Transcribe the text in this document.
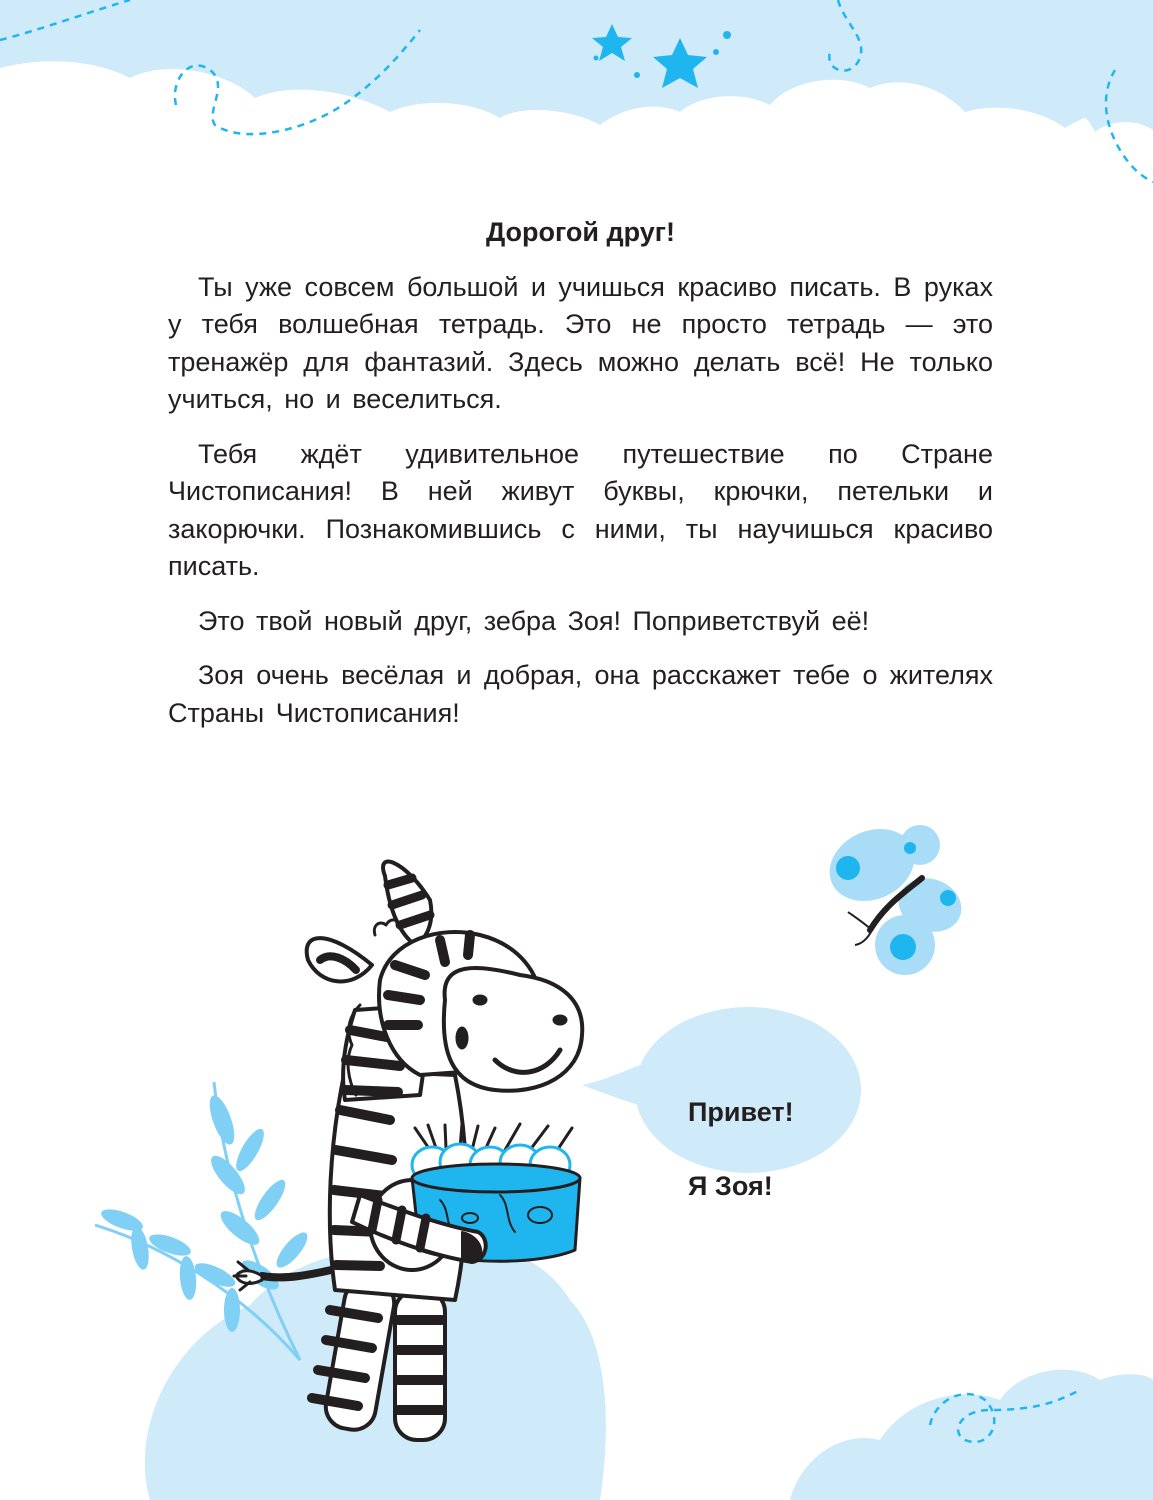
Дорогой друг!

Ты уже совсем большой и учишься красиво писать. В руках у тебя волшебная тетрадь. Это не просто тетрадь — это тренажёр для фантазий. Здесь можно делать всё! Не только учиться, но и веселиться.

Тебя ждёт удивительное путешествие по Стране Чистописания! В ней живут буквы, крючки, петельки и закорючки. Познакомившись с ними, ты научишься красиво писать.

Это твой новый друг, зебра Зоя! Поприветствуй её!

Зоя очень весёлая и добрая, она расскажет тебе о жителях Страны Чистописания!

Привет!

Я Зоя!
